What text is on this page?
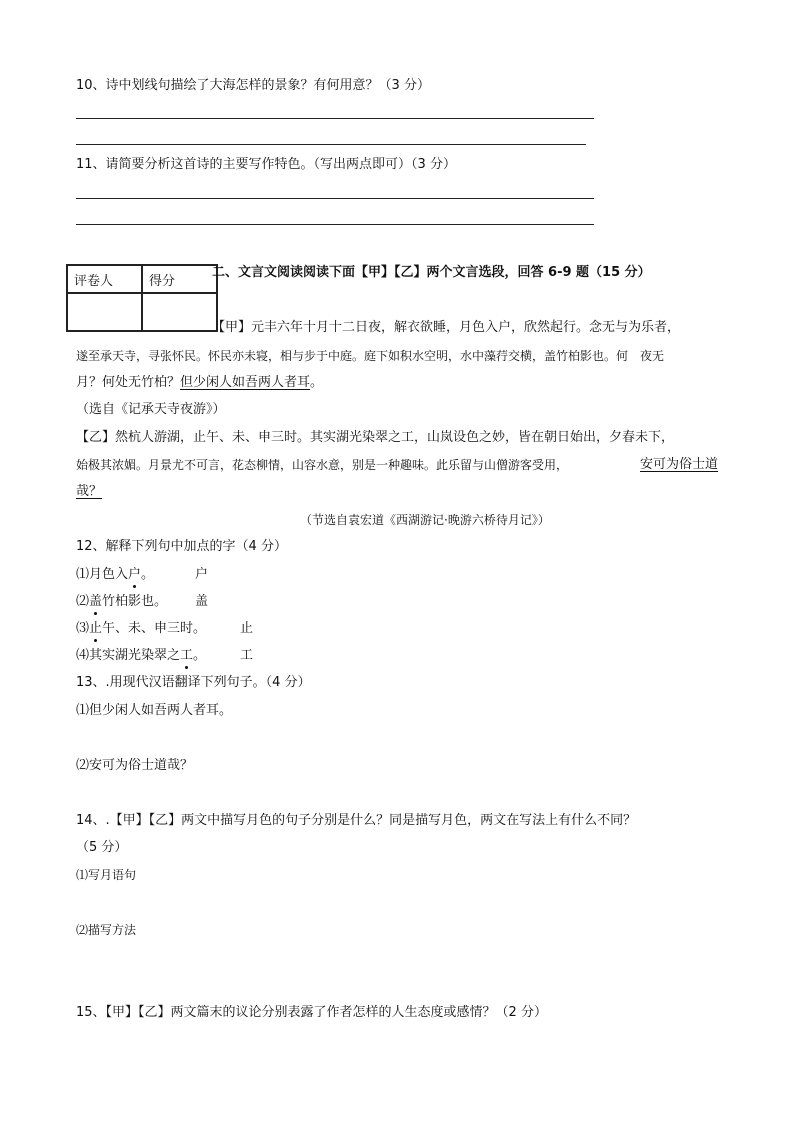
10、诗中划线句描绘了大海怎样的景象？有何用意？（3 分）
11、请简要分析这首诗的主要写作特色。（写出两点即可）（3 分）
评卷人	得分

二、文言文阅读阅读下面【甲】【乙】两个文言选段，回答 6-9 题（15 分）
【甲】元丰六年十月十二日夜，解衣欲睡，月色入户，欣然起行。念无与为乐者，
遂至承天寺，寻张怀民。怀民亦未寝，相与步于中庭。庭下如积水空明，水中藻荇交横，盖竹柏影也。何　夜无
月？何处无竹柏？但少闲人如吾两人者耳。
（选自《记承天寺夜游》）
【乙】然杭人游湖，止午、未、申三时。其实湖光染翠之工，山岚设色之妙，皆在朝日始出，夕春未下，
始极其浓媚。月景尤不可言，花态柳情，山容水意，别是一种趣味。此乐留与山僧游客受用，	安可为俗士道
哉？
（节选自袁宏道《西湖游记·晚游六桥待月记》）
12、解释下列句中加点的字（4 分）
⑴月色入户。	户
⑵盖竹柏影也。 盖
⑶止午、未、申三时。	止
⑷其实湖光染翠之工。	工
13、.用现代汉语翻译下列句子。（4 分）
⑴但少闲人如吾两人者耳。
⑵安可为俗士道哉？
14、.【甲】【乙】两文中描写月色的句子分别是什么？同是描写月色，两文在写法上有什么不同？
（5 分）
⑴写月语句
⑵描写方法
15、【甲】【乙】两文篇末的议论分别表露了作者怎样的人生态度或感情？（2 分）
